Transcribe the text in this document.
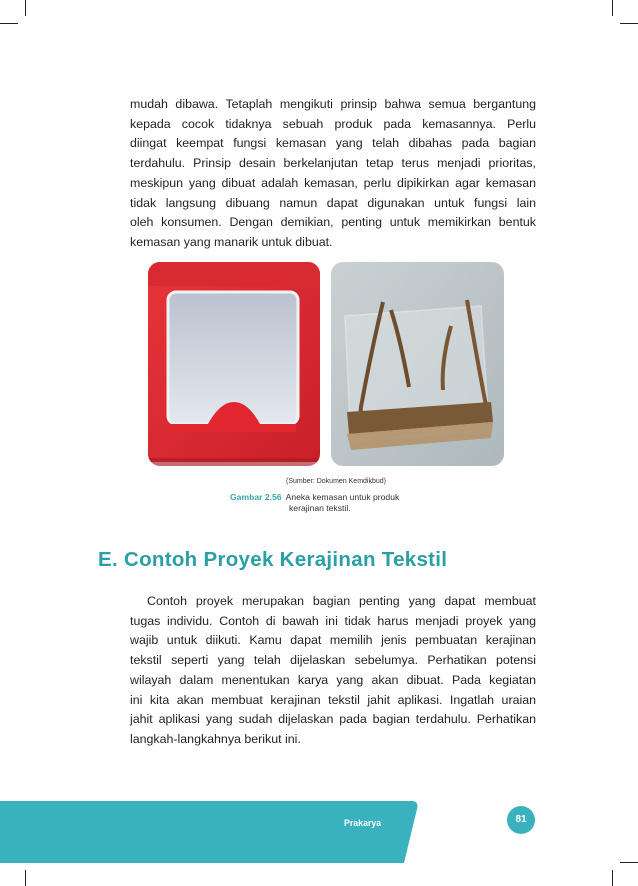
mudah dibawa. Tetaplah mengikuti prinsip bahwa semua bergantung
kepada cocok tidaknya sebuah produk pada kemasannya. Perlu
diingat keempat fungsi kemasan yang telah dibahas pada bagian
terdahulu. Prinsip desain berkelanjutan tetap terus menjadi prioritas,
meskipun yang dibuat adalah kemasan, perlu dipikirkan agar kemasan
tidak langsung dibuang namun dapat digunakan untuk fungsi lain
oleh konsumen. Dengan demikian, penting untuk memikirkan bentuk
kemasan yang manarik untuk dibuat.
(Sumber: Dokumen Kemdikbud)
Gambar 2.56 Aneka kemasan untuk produk
kerajinan tekstil.
E. Contoh Proyek Kerajinan Tekstil
Contoh proyek merupakan bagian penting yang dapat membuat
tugas individu. Contoh di bawah ini tidak harus menjadi proyek yang
wajib untuk diikuti. Kamu dapat memilih jenis pembuatan kerajinan
tekstil seperti yang telah dijelaskan sebelumya. Perhatikan potensi
wilayah dalam menentukan karya yang akan dibuat. Pada kegiatan
ini kita akan membuat kerajinan tekstil jahit aplikasi. Ingatlah uraian
jahit aplikasi yang sudah dijelaskan pada bagian terdahulu. Perhatikan
langkah-langkahnya berikut ini.
Prakarya	81
